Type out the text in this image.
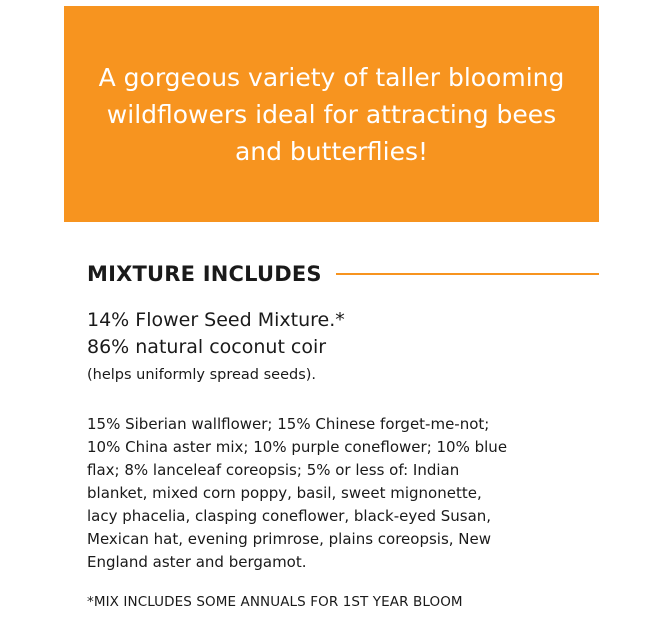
A gorgeous variety of taller blooming wildflowers ideal for attracting bees and butterflies!

MIXTURE INCLUDES

14% Flower Seed Mixture.*

86% natural coconut coir

(helps uniformly spread seeds).

15% Siberian wallflower; 15% Chinese forget-me-not;
10% China aster mix; 10% purple coneflower; 10% blue
flax; 8% lanceleaf coreopsis; 5% or less of: Indian
blanket, mixed corn poppy, basil, sweet mignonette,
lacy phacelia, clasping coneflower, black-eyed Susan,
Mexican hat, evening primrose, plains coreopsis, New
England aster and bergamot.

*MIX INCLUDES SOME ANNUALS FOR 1ST YEAR BLOOM
